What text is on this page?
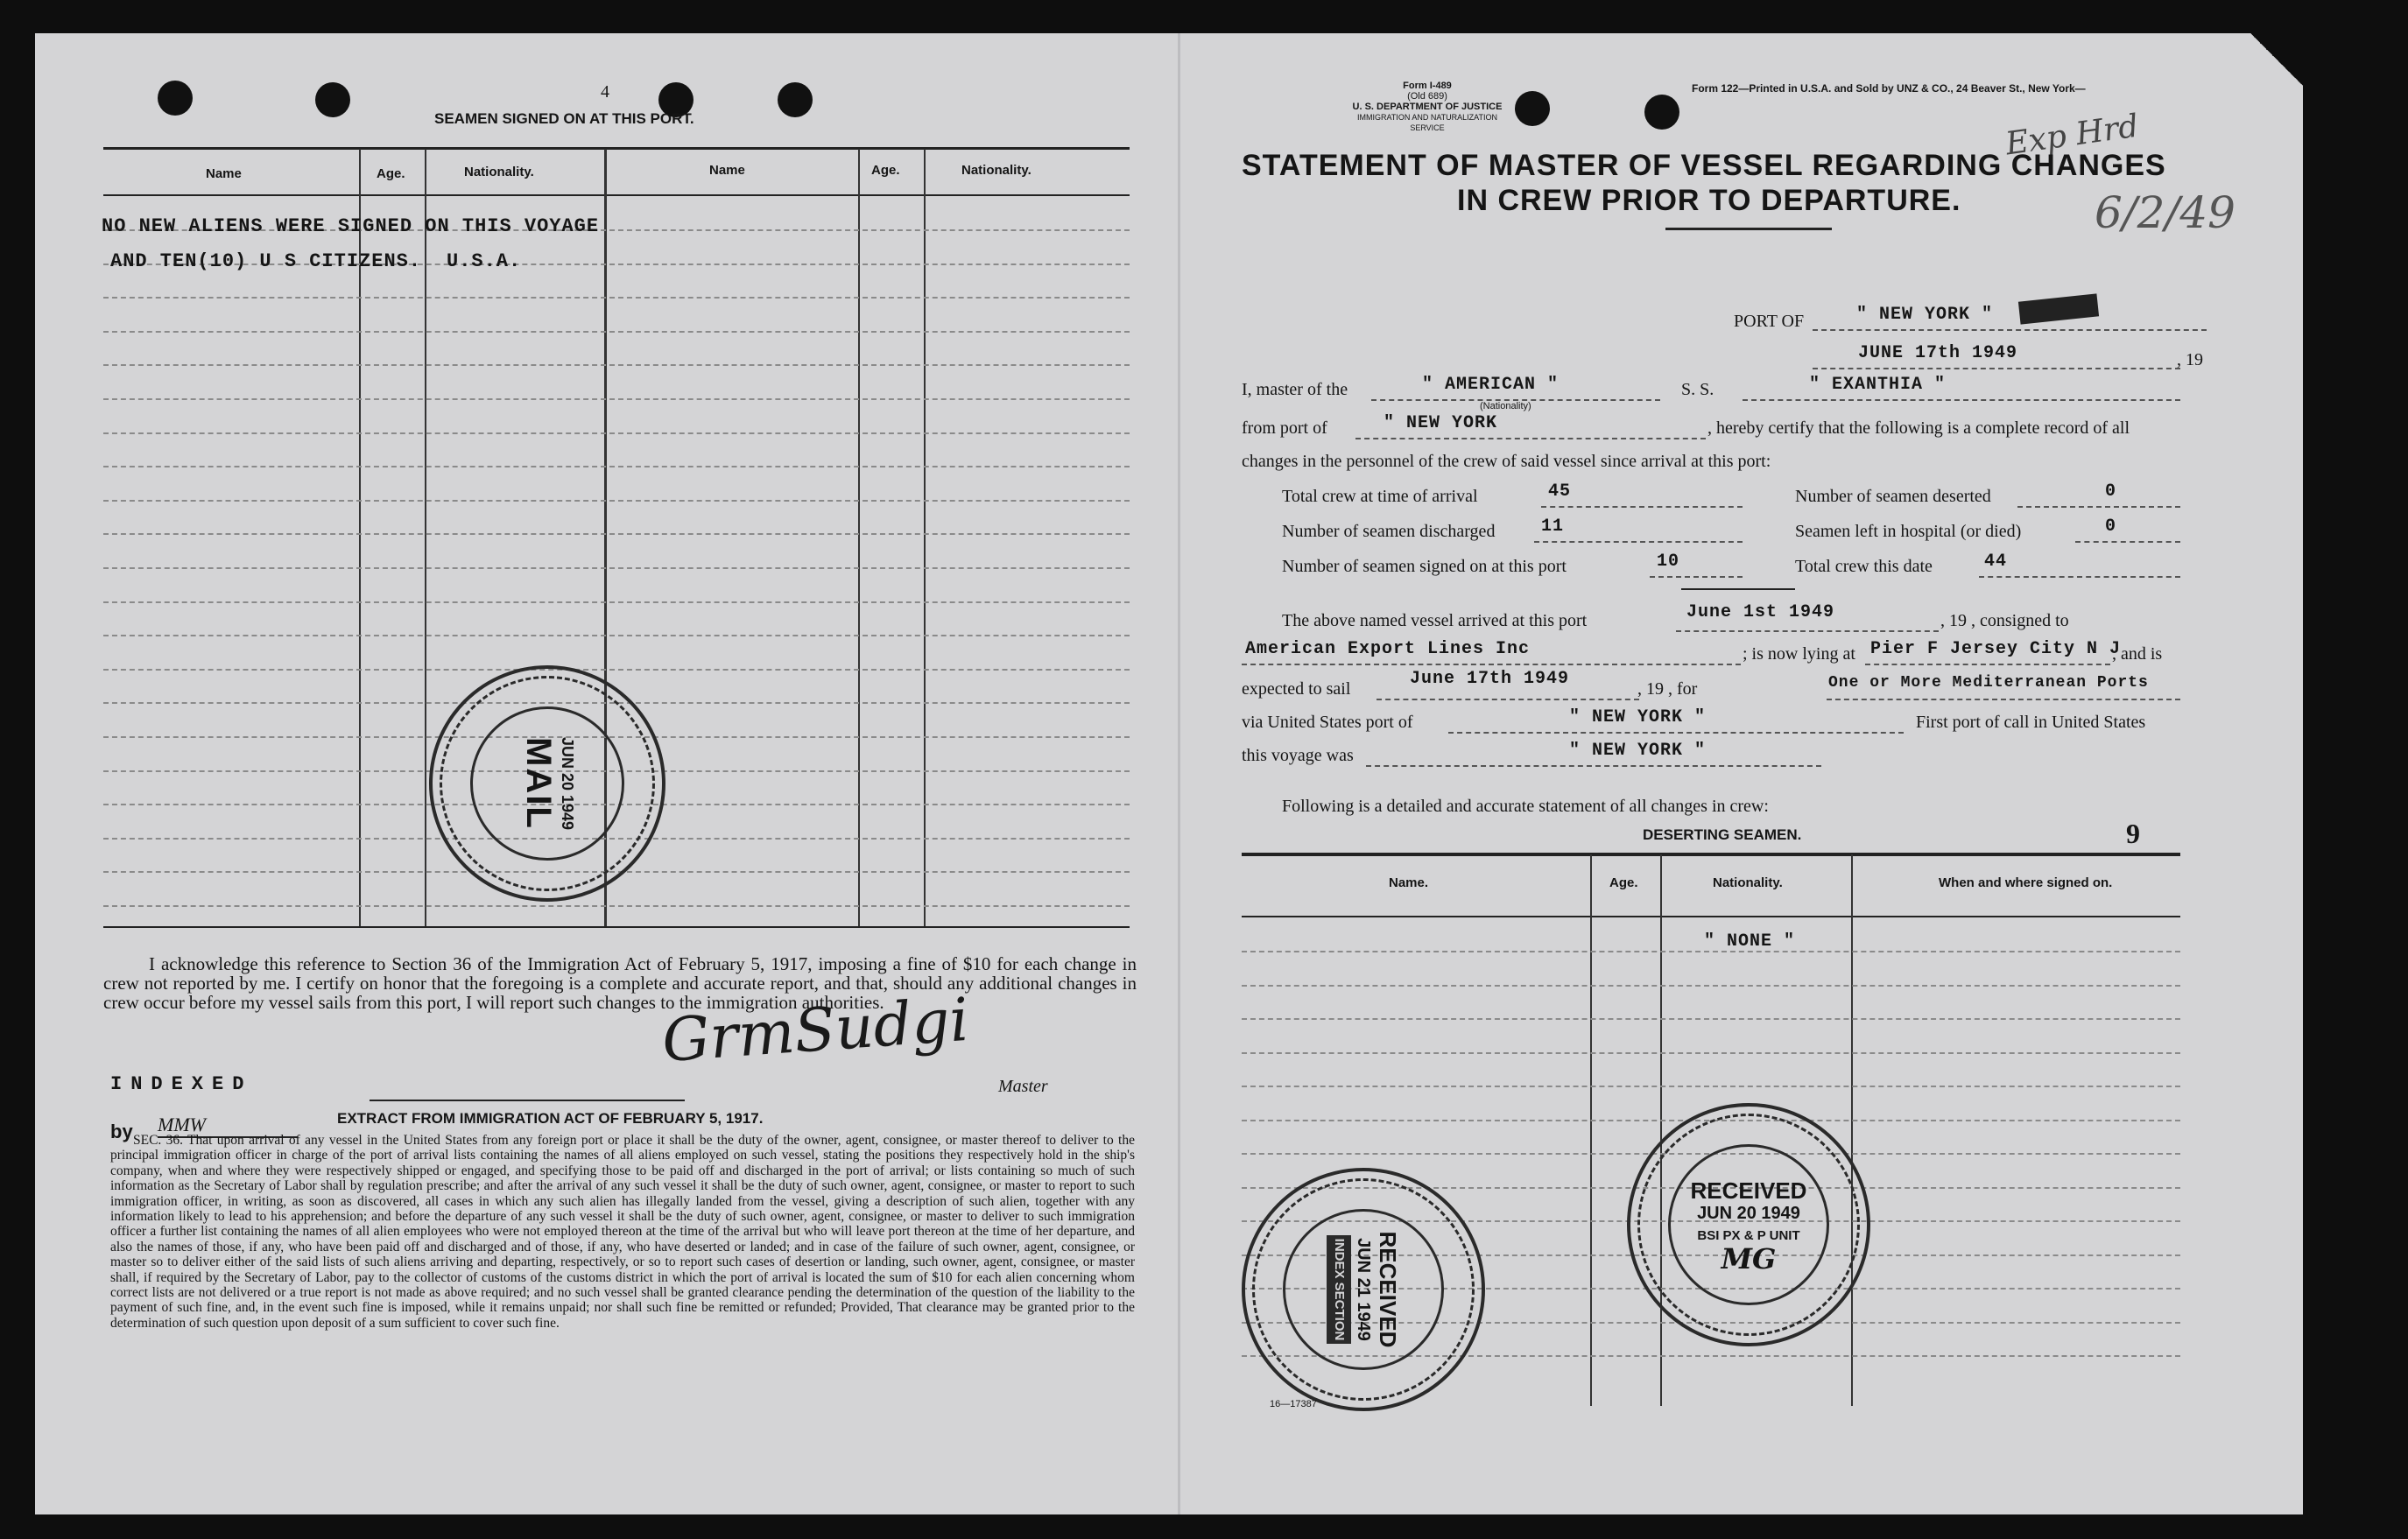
4
SEAMEN SIGNED ON AT THIS PORT.
Name	Age.	Nationality.	Name	Age.	Nationality.
NO NEW ALIENS WERE SIGNED ON THIS VOYAGE
AND TEN(10) U S CITIZENS. U.S.A.
JUN 20 1949
MAIL
I acknowledge this reference to Section 36 of the Immigration Act of February 5, 1917, imposing a fine of $10 for each change in crew not reported by me. I certify on honor that the foregoing is a complete and accurate report, and that, should any additional changes in crew occur before my vessel sails from this port, I will report such changes to the immigration authorities.
GrmSudgi
Master
INDEXED
by MMW	EXTRACT FROM IMMIGRATION ACT OF FEBRUARY 5, 1917.
SEC. 36. That upon arrival of any vessel in the United States from any foreign port or place it shall be the duty of the owner, agent, consignee, or master thereof to deliver to the principal immigration officer in charge of the port of arrival lists containing the names of all aliens employed on such vessel, stating the positions they respectively hold in the ship's company, when and where they were respectively shipped or engaged, and specifying those to be paid off and discharged in the port of arrival; or lists containing so much of such information as the Secretary of Labor shall by regulation prescribe; and after the arrival of any such vessel it shall be the duty of such owner, agent, consignee, or master to report to such immigration officer, in writing, as soon as discovered, all cases in which any such alien has illegally landed from the vessel, giving a description of such alien, together with any information likely to lead to his apprehension; and before the departure of any such vessel it shall be the duty of such owner, agent, consignee, or master to deliver to such immigration officer a further list containing the names of all alien employees who were not employed thereon at the time of the arrival but who will leave port thereon at the time of her departure, and also the names of those, if any, who have been paid off and discharged and of those, if any, who have deserted or landed; and in case of the failure of such owner, agent, consignee, or master so to deliver either of the said lists of such aliens arriving and departing, respectively, or so to report such cases of desertion or landing, such owner, agent, consignee, or master shall, if required by the Secretary of Labor, pay to the collector of customs of the customs district in which the port of arrival is located the sum of $10 for each alien concerning whom correct lists are not delivered or a true report is not made as above required; and no such vessel shall be granted clearance pending the determination of the question of the liability to the payment of such fine, and, in the event such fine is imposed, while it remains unpaid; nor shall such fine be remitted or refunded; Provided, That clearance may be granted prior to the determination of such question upon deposit of a sum sufficient to cover such fine.
Form I-489
(Old 689)
U. S. DEPARTMENT OF JUSTICE
IMMIGRATION AND NATURALIZATION SERVICE
Form 122—Printed in U.S.A. and Sold by UNZ & CO., 24 Beaver St., New York—
Exp Hrd
6/2/49
STATEMENT OF MASTER OF VESSEL REGARDING CHANGES
IN CREW PRIOR TO DEPARTURE.
PORT OF	" NEW YORK "
JUNE 17th 1949	, 19
I, master of the	" AMERICAN "
(Nationality)
S. S.	" EXANTHIA "
from port of	" NEW YORK	, hereby certify that the following is a complete record of all
changes in the personnel of the crew of said vessel since arrival at this port:
Total crew at time of arrival	45	Number of seamen deserted	0
Number of seamen discharged	11	Seamen left in hospital (or died)	0
Number of seamen signed on at this port	10	Total crew this date	44
The above named vessel arrived at this port	June 1st 1949	, 19 , consigned to
American Export Lines Inc	; is now lying at Pier F Jersey City N J
, and is
expected to sail	June 17th 1949	, 19 , for	One or More Mediterranean Ports
via United States port of	" NEW YORK "	First port of call in United States
this voyage was	" NEW YORK "
Following is a detailed and accurate statement of all changes in crew:
DESERTING SEAMEN.	9
Name.	Age.	Nationality.	When and where signed on.
" NONE "
RECEIVED
JUN 20 1949
BSI PX & P UNIT
MG
RECEIVED
JUN 21 1949
INDEX SECTION
16—17387
